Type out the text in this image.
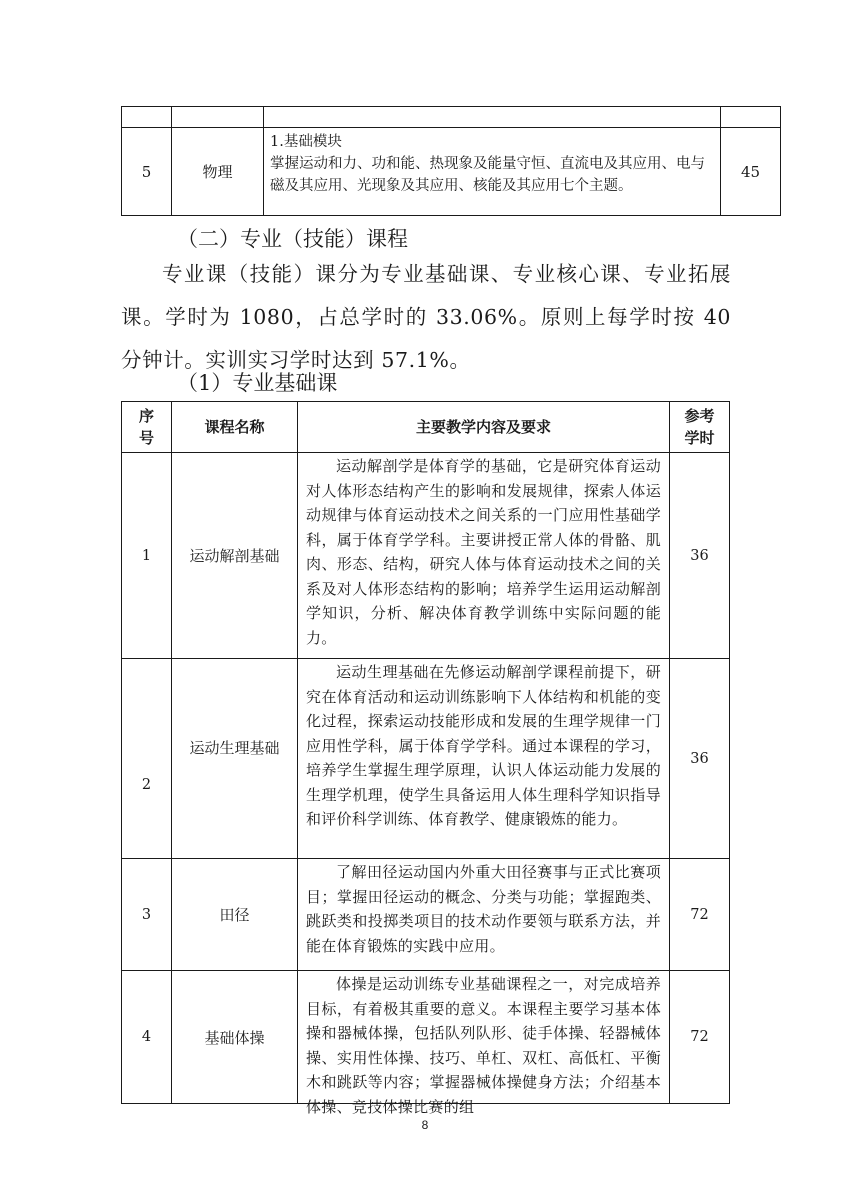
5	物理	1.基础模块
掌握运动和力、功和能、热现象及能量守恒、直流电及其应用、电与磁及其应用、光现象及其应用、核能及其应用七个主题。	45
（二）专业（技能）课程

专业课（技能）课分为专业基础课、专业核心课、专业拓展课。学时为 1080，占总学时的 33.06%。原则上每学时按 40 分钟计。实训实习学时达到 57.1%。

（1）专业基础课
序号	课程名称	主要教学内容及要求	参考学时
1	运动解剖基础	运动解剖学是体育学的基础，它是研究体育运动对人体形态结构产生的影响和发展规律，探索人体运动规律与体育运动技术之间关系的一门应用性基础学科，属于体育学学科。主要讲授正常人体的骨骼、肌肉、形态、结构，研究人体与体育运动技术之间的关系及对人体形态结构的影响；培养学生运用运动解剖学知识，分析、解决体育教学训练中实际问题的能力。	36
2	运动生理基础	运动生理基础在先修运动解剖学课程前提下，研究在体育活动和运动训练影响下人体结构和机能的变化过程，探索运动技能形成和发展的生理学规律一门应用性学科，属于体育学学科。通过本课程的学习，培养学生掌握生理学原理，认识人体运动能力发展的生理学机理，使学生具备运用人体生理科学知识指导和评价科学训练、体育教学、健康锻炼的能力。	36
3	田径	了解田径运动国内外重大田径赛事与正式比赛项目；掌握田径运动的概念、分类与功能；掌握跑类、跳跃类和投掷类项目的技术动作要领与联系方法，并能在体育锻炼的实践中应用。	72
4	基础体操	体操是运动训练专业基础课程之一，对完成培养目标，有着极其重要的意义。本课程主要学习基本体操和器械体操，包括队列队形、徒手体操、轻器械体操、实用性体操、技巧、单杠、双杠、高低杠、平衡木和跳跃等内容；掌握器械体操健身方法；介绍基本体操、竞技体操比赛的组	72
8
